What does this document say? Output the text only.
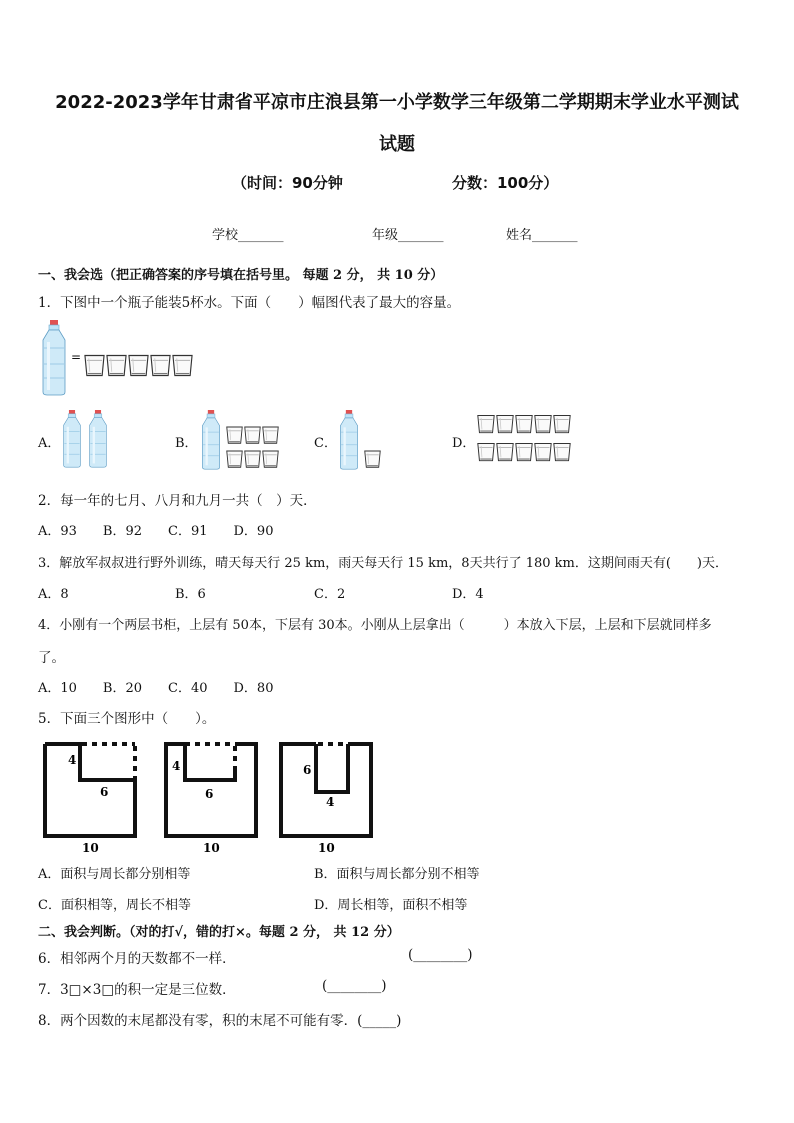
2022-2023学年甘肃省平凉市庄浪县第一小学数学三年级第二学期期末学业水平测试
试题
（时间：90分钟	分数：100分）
学校_______	年级_______	姓名_______
一、我会选（把正确答案的序号填在括号里。 每题 2 分， 共 10 分）
1．下图中一个瓶子能装5杯水。下面（　　）幅图代表了最大的容量。
=
A．	B．	C．	D．
2．每一年的七月、八月和九月一共（　）天．
A．93　　B．92　　C．91　　D．90
3．解放军叔叔进行野外训练，晴天每天行 25 km，雨天每天行 15 km，8天共行了 180 km．这期间雨天有(　　)天．
A．8	B．6	C．2	D．4
4．小刚有一个两层书柜，上层有 50本，下层有 30本。小刚从上层拿出（　　　）本放入下层，上层和下层就同样多
了。
A．10　　B．20　　C．40　　D．80
5．下面三个图形中（　　）。
4
6
10
4
6
10
6
4
10
A．面积与周长都分别相等	B．面积与周长都分别不相等
C．面积相等，周长不相等	D．周长相等，面积不相等
二、我会判断。（对的打√，错的打×。每题 2 分， 共 12 分）
6．相邻两个月的天数都不一样．	(________)
7．3□×3□的积一定是三位数．	(________)
8．两个因数的末尾都没有零，积的末尾不可能有零．(_____)
